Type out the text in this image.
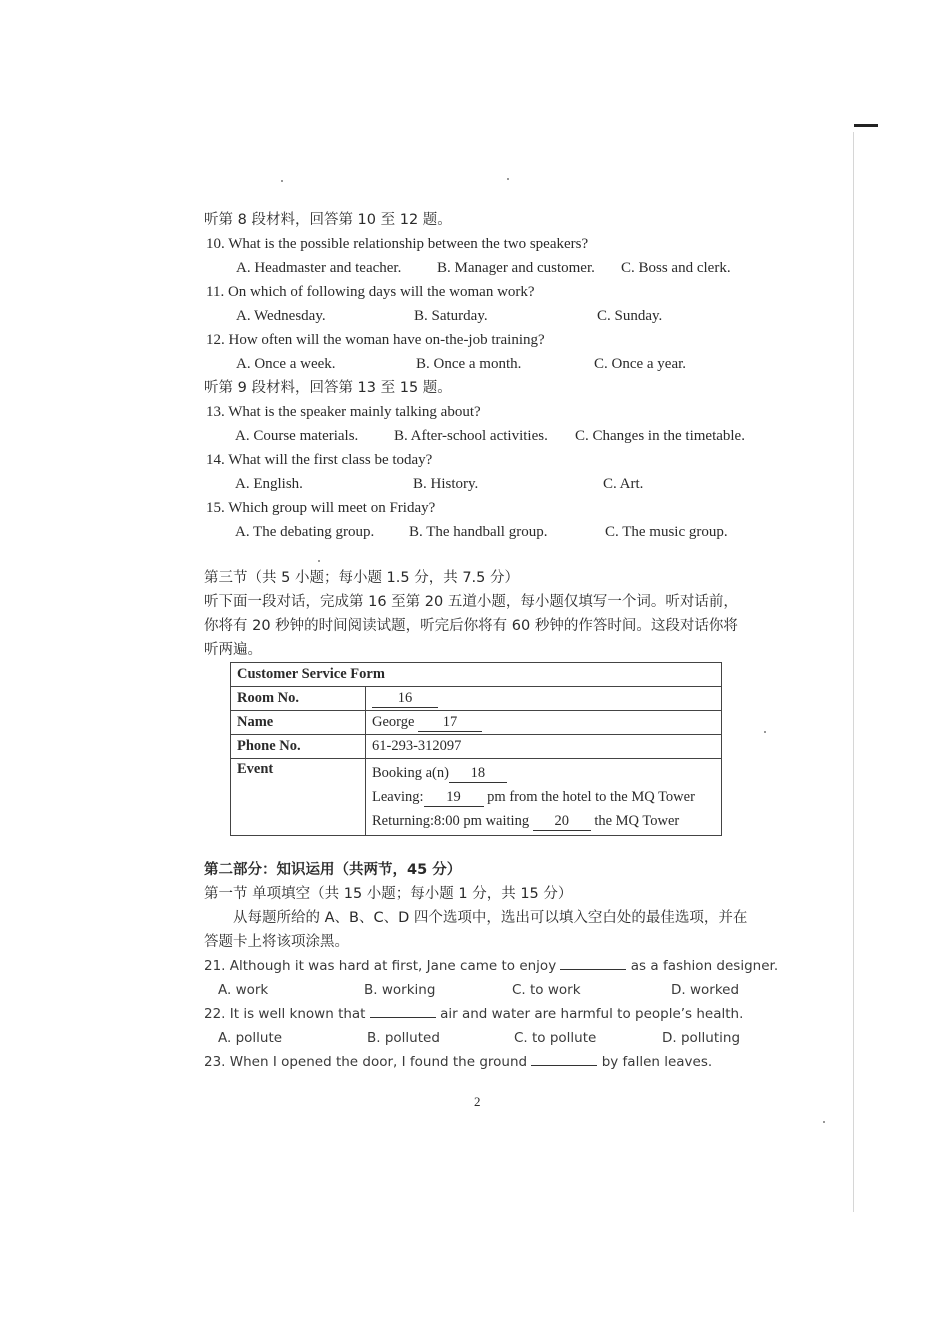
听第 8 段材料，回答第 10 至 12 题。
10. What is the possible relationship between the two speakers?
A. Headmaster and teacher. B. Manager and customer. C. Boss and clerk.
11. On which of following days will the woman work?
A. Wednesday.	B. Saturday.	C. Sunday.
12. How often will the woman have on-the-job training?
A. Once a week.	B. Once a month.	C. Once a year.
听第 9 段材料，回答第 13 至 15 题。
13. What is the speaker mainly talking about?
A. Course materials. B. After-school activities. C. Changes in the timetable.
14. What will the first class be today?
A. English.	B. History.	C. Art.
15. Which group will meet on Friday?
A. The debating group. B. The handball group.	C. The music group.
第三节（共 5 小题；每小题 1.5 分，共 7.5 分）
听下面一段对话，完成第 16 至第 20 五道小题，每小题仅填写一个词。听对话前，你将有 20 秒钟的时间阅读试题，听完后你将有 60 秒钟的作答时间。这段对话你将听两遍。
Customer Service Form	
Room No.	16
Name	George 17
Phone No.	61-293-312097
Event	Booking a(n) 18
Leaving: 19 pm from the hotel to the MQ Tower
Returning:8:00 pm waiting 20 the MQ Tower
第二部分：知识运用（共两节，45 分）
第一节 单项填空（共 15 小题；每小题 1 分，共 15 分）
从每题所给的 A、B、C、D 四个选项中，选出可以填入空白处的最佳选项，并在答题卡上将该项涂黑。
21. Although it was hard at first, Jane came to enjoy	as a fashion designer.
A. work	B. working	C. to work	D. worked
22. It is well known that	air and water are harmful to people’s health.
A. pollute	B. polluted	C. to pollute	D. polluting
23. When I opened the door, I found the ground	by fallen leaves.
2
